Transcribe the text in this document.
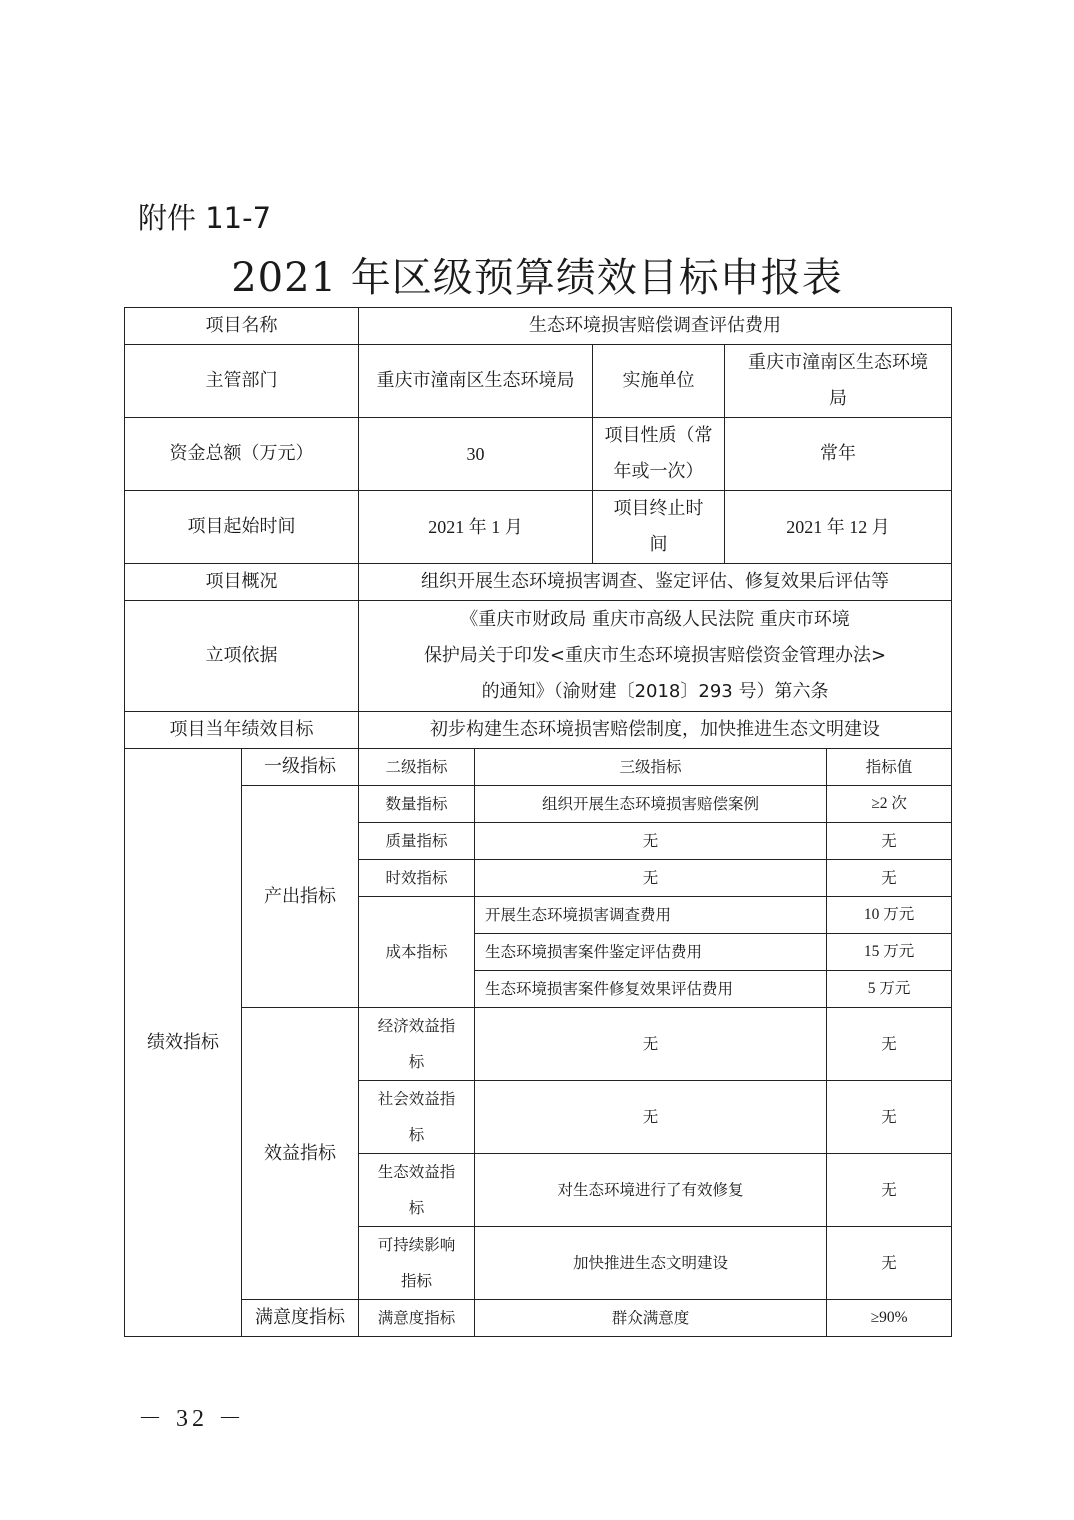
附件 11-7
2021 年区级预算绩效目标申报表
项目名称		生态环境损害赔偿调查评估费用				
主管部门		重庆市潼南区生态环境局		实施单位	重庆市潼南区生态环境局	
资金总额（万元）		30		项目性质（常年或一次）	常年	
项目起始时间		2021 年 1 月		项目终止时间	2021 年 12 月	
项目概况		组织开展生态环境损害调查、鉴定评估、修复效果后评估等				
立项依据		《重庆市财政局 重庆市高级人民法院 重庆市环境
保护局关于印发<重庆市生态环境损害赔偿资金管理办法>
的通知》（渝财建〔2018〕293 号）第六条				

项目当年绩效目标		初步构建生态环境损害赔偿制度，加快推进生态文明建设				
绩效指标	一级指标	二级指标	三级指标			指标值
	产出指标	数量指标	组织开展生态环境损害赔偿案例			≥2 次
		质量指标	无			无
		时效指标	无			无
		成本指标	开展生态环境损害调查费用			10 万元
			生态环境损害案件鉴定评估费用			15 万元
			生态环境损害案件修复效果评估费用			5 万元
	效益指标	经济效益指标	无			无
		社会效益指标	无			无
		生态效益指标	对生态环境进行了有效修复			无
		可持续影响指标	加快推进生态文明建设			无
	满意度指标	满意度指标	群众满意度			≥90%
－ 32 －
